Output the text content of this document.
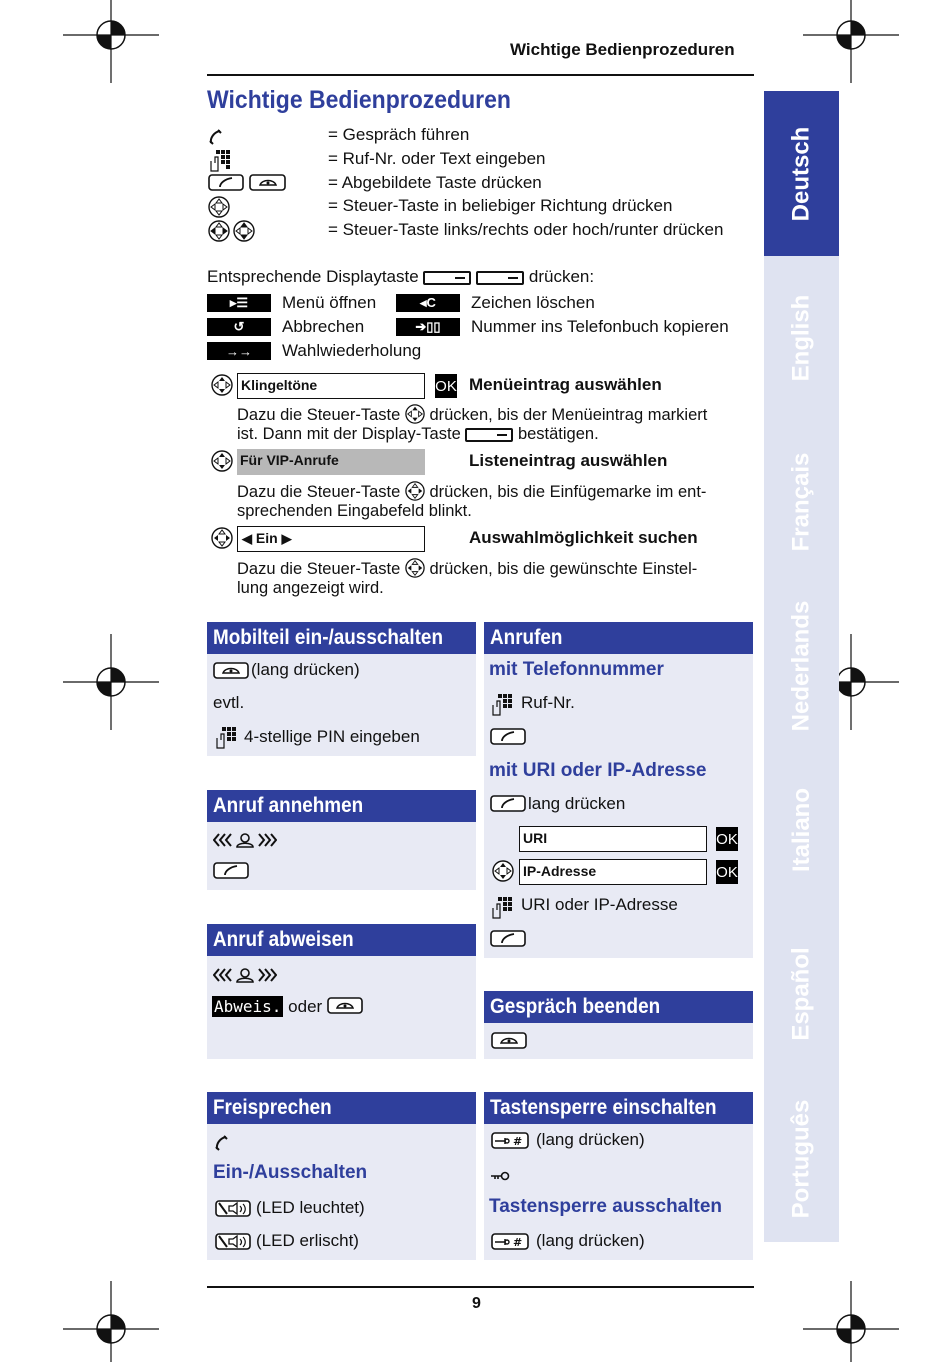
Wichtige Bedienprozeduren
Wichtige Bedienprozeduren
= Gespräch führen
= Ruf-Nr. oder Text eingeben
= Abgebildete Taste drücken
= Steuer-Taste in beliebiger Richtung drücken
= Steuer-Taste links/rechts oder hoch/runter drücken
Entsprechende Displaytaste	drücken:
▸☰	Menü öffnen	◂C	Zeichen löschen
↺	Abbrechen	➔▯▯	Nummer ins Telefonbuch kopieren
→→	Wahlwiederholung
Klingeltöne	OK Menüeintrag auswählen
Dazu die Steuer-Taste drücken, bis der Menüeintrag markiert
ist. Dann mit der Display-Taste	bestätigen.
Für VIP-Anrufe	Listeneintrag auswählen
Dazu die Steuer-Taste drücken, bis die Einfügemarke im ent-
sprechenden Eingabefeld blinkt.
◀ Ein ▶	Auswahlmöglichkeit suchen
Dazu die Steuer-Taste drücken, bis die gewünschte Einstel-
lung angezeigt wird.
Mobilteil ein-/ausschalten
(lang drücken)
evtl.
4-stellige PIN eingeben
Anruf annehmen
Anruf abweisen
Abweis. oder
Freisprechen
Ein-/Ausschalten
(LED leuchtet)
(LED erlischt)
Anrufen
mit Telefonnummer
Ruf-Nr.
mit URI oder IP-Adresse
lang drücken
URI	OK
IP-Adresse	OK
URI oder IP-Adresse
Gespräch beenden
Tastensperre einschalten
# (lang drücken)
Tastensperre ausschalten
# (lang drücken)
Deutsch
English
Français
Nederlands
Italiano
Español
Português
9
